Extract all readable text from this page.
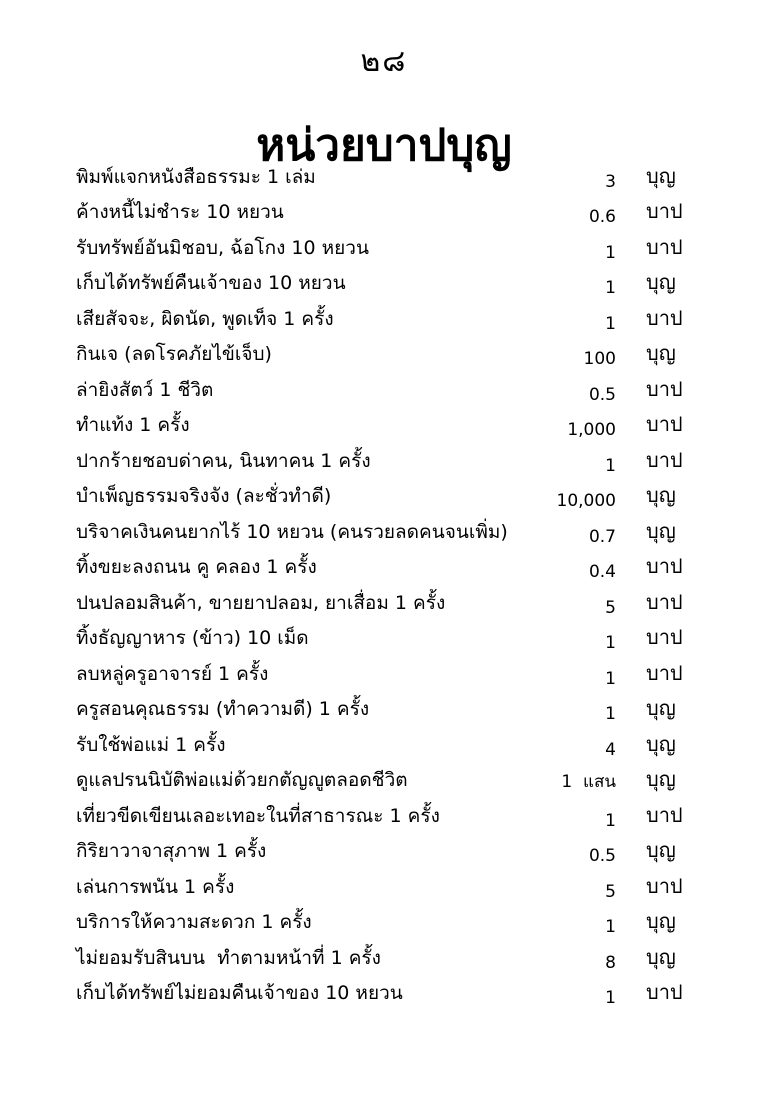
๒๘
หน่วยบาปบุญ
พิมพ์แจกหนังสือธรรมะ 1 เล่ม	3 บุญ
ค้างหนี้ไม่ชำระ 10 หยวน	0.6 บาป
รับทรัพย์อันมิชอบ, ฉ้อโกง 10 หยวน	1 บาป
เก็บได้ทรัพย์คืนเจ้าของ 10 หยวน	1 บุญ
เสียสัจจะ, ผิดนัด, พูดเท็จ 1 ครั้ง	1 บาป
กินเจ (ลดโรคภัยไข้เจ็บ)	100 บุญ
ล่ายิงสัตว์ 1 ชีวิต	0.5 บาป
ทำแท้ง 1 ครั้ง	1,000 บาป
ปากร้ายชอบด่าคน, นินทาคน 1 ครั้ง	1 บาป
บำเพ็ญธรรมจริงจัง (ละชั่วทำดี)	10,000 บุญ
บริจาคเงินคนยากไร้ 10 หยวน (คนรวยลดคนจนเพิ่ม)	0.7 บุญ
ทิ้งขยะลงถนน คู คลอง 1 ครั้ง	0.4 บาป
ปนปลอมสินค้า, ขายยาปลอม, ยาเสื่อม 1 ครั้ง	5 บาป
ทิ้งธัญญาหาร (ข้าว) 10 เม็ด	1 บาป
ลบหลู่ครูอาจารย์ 1 ครั้ง	1 บาป
ครูสอนคุณธรรม (ทำความดี) 1 ครั้ง	1 บุญ
รับใช้พ่อแม่ 1 ครั้ง	4 บุญ
ดูแลปรนนิบัติพ่อแม่ด้วยกตัญญูตลอดชีวิต	1  แสน บุญ
เที่ยวขีดเขียนเลอะเทอะในที่สาธารณะ 1 ครั้ง	1 บาป
กิริยาวาจาสุภาพ 1 ครั้ง	0.5 บุญ
เล่นการพนัน 1 ครั้ง	5 บาป
บริการให้ความสะดวก 1 ครั้ง	1 บุญ
ไม่ยอมรับสินบน  ทำตามหน้าที่ 1 ครั้ง	8 บุญ
เก็บได้ทรัพย์ไม่ยอมคืนเจ้าของ 10 หยวน	1 บาป
